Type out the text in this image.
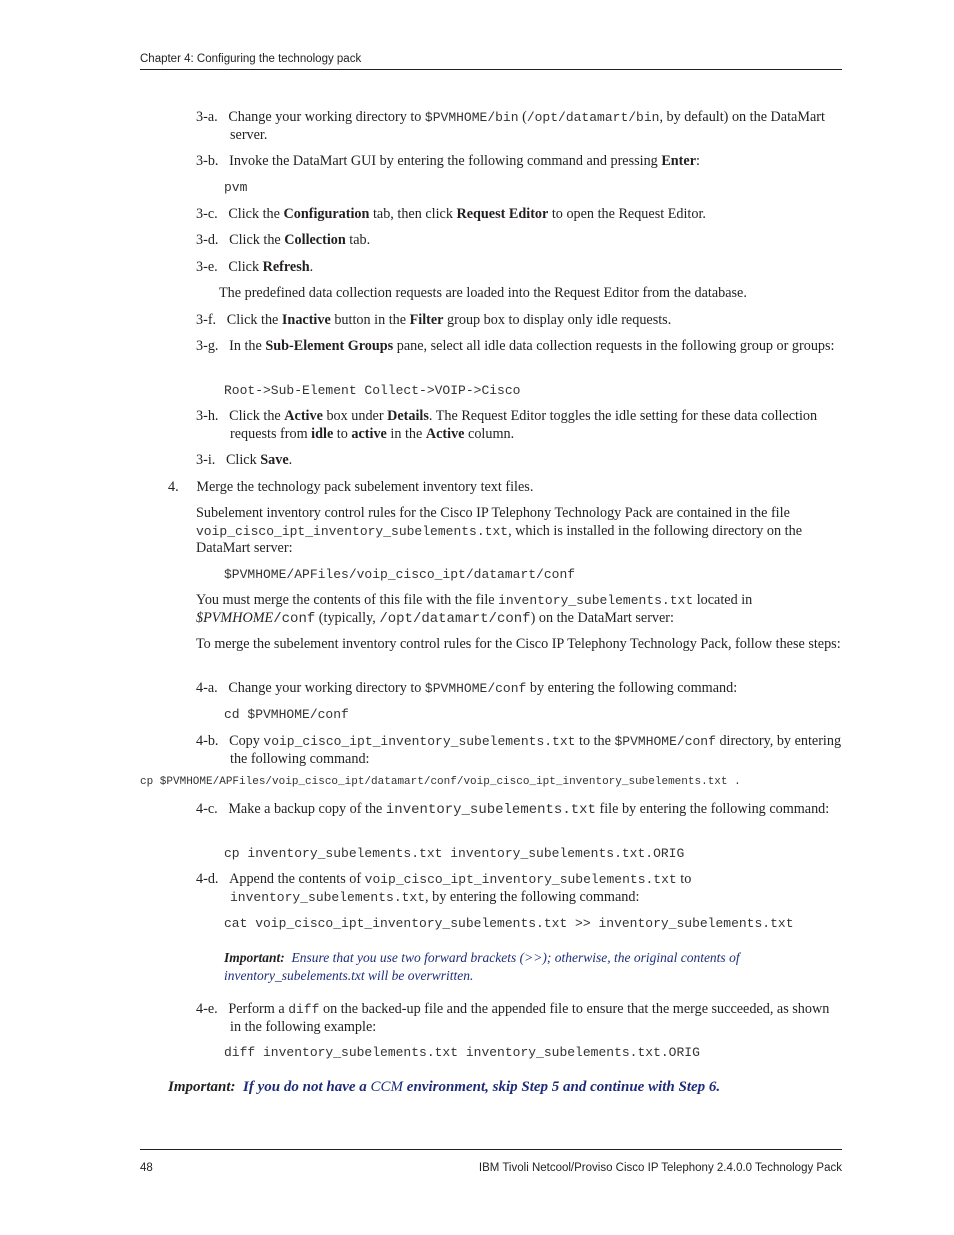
Chapter 4: Configuring the technology pack
3-a. Change your working directory to $PVMHOME/bin (/opt/datamart/bin, by default) on the DataMart server.
3-b. Invoke the DataMart GUI by entering the following command and pressing Enter:
pvm
3-c. Click the Configuration tab, then click Request Editor to open the Request Editor.
3-d. Click the Collection tab.
3-e. Click Refresh.
The predefined data collection requests are loaded into the Request Editor from the database.
3-f. Click the Inactive button in the Filter group box to display only idle requests.
3-g. In the Sub-Element Groups pane, select all idle data collection requests in the following group or groups:
Root->Sub-Element Collect->VOIP->Cisco
3-h. Click the Active box under Details. The Request Editor toggles the idle setting for these data collection requests from idle to active in the Active column.
3-i. Click Save.
4. Merge the technology pack subelement inventory text files.
Subelement inventory control rules for the Cisco IP Telephony Technology Pack are contained in the file voip_cisco_ipt_inventory_subelements.txt, which is installed in the following directory on the DataMart server:
$PVMHOME/APFiles/voip_cisco_ipt/datamart/conf
You must merge the contents of this file with the file inventory_subelements.txt located in $PVMHOME/conf (typically, /opt/datamart/conf) on the DataMart server:
To merge the subelement inventory control rules for the Cisco IP Telephony Technology Pack, follow these steps:
4-a. Change your working directory to $PVMHOME/conf by entering the following command:
cd $PVMHOME/conf
4-b. Copy voip_cisco_ipt_inventory_subelements.txt to the $PVMHOME/conf directory, by entering the following command:
cp $PVMHOME/APFiles/voip_cisco_ipt/datamart/conf/voip_cisco_ipt_inventory_subelements.txt .
4-c. Make a backup copy of the inventory_subelements.txt file by entering the following command:
cp inventory_subelements.txt inventory_subelements.txt.ORIG
4-d. Append the contents of voip_cisco_ipt_inventory_subelements.txt to inventory_subelements.txt, by entering the following command:
cat voip_cisco_ipt_inventory_subelements.txt >> inventory_subelements.txt
Important: Ensure that you use two forward brackets (>>); otherwise, the original contents of inventory_subelements.txt will be overwritten.
4-e. Perform a diff on the backed-up file and the appended file to ensure that the merge succeeded, as shown in the following example:
diff inventory_subelements.txt inventory_subelements.txt.ORIG
Important: If you do not have a CCM environment, skip Step 5 and continue with Step 6.
48	IBM Tivoli Netcool/Proviso Cisco IP Telephony 2.4.0.0 Technology Pack
